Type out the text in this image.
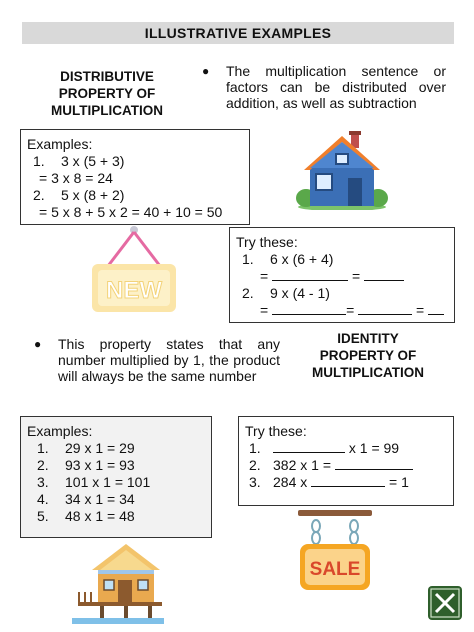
ILLUSTRATIVE EXAMPLES
DISTRIBUTIVE
PROPERTY OF
MULTIPLICATION
● The multiplication sentence or factors can be distributed over addition, as well as subtraction
Examples:
1. 3 x (5 + 3)
= 3 x 8 = 24
2. 5 x (8 + 2)
= 5 x 8 + 5 x 2 = 40 + 10 = 50
NEW
Try these:
1. 6 x (6 + 4)
=	=
2. 9 x (4 - 1)
=	=	=
● This property states that any number multiplied by 1, the product will always be the same number
IDENTITY
PROPERTY OF
MULTIPLICATION
Examples:
1. 29 x 1 = 29
2. 93 x 1 = 93
3. 101 x 1 = 101
4. 34 x 1 = 34
5. 48 x 1 = 48
Try these:
1.	x 1 = 99
2. 382 x 1 =
3. 284 x	= 1
SALE
